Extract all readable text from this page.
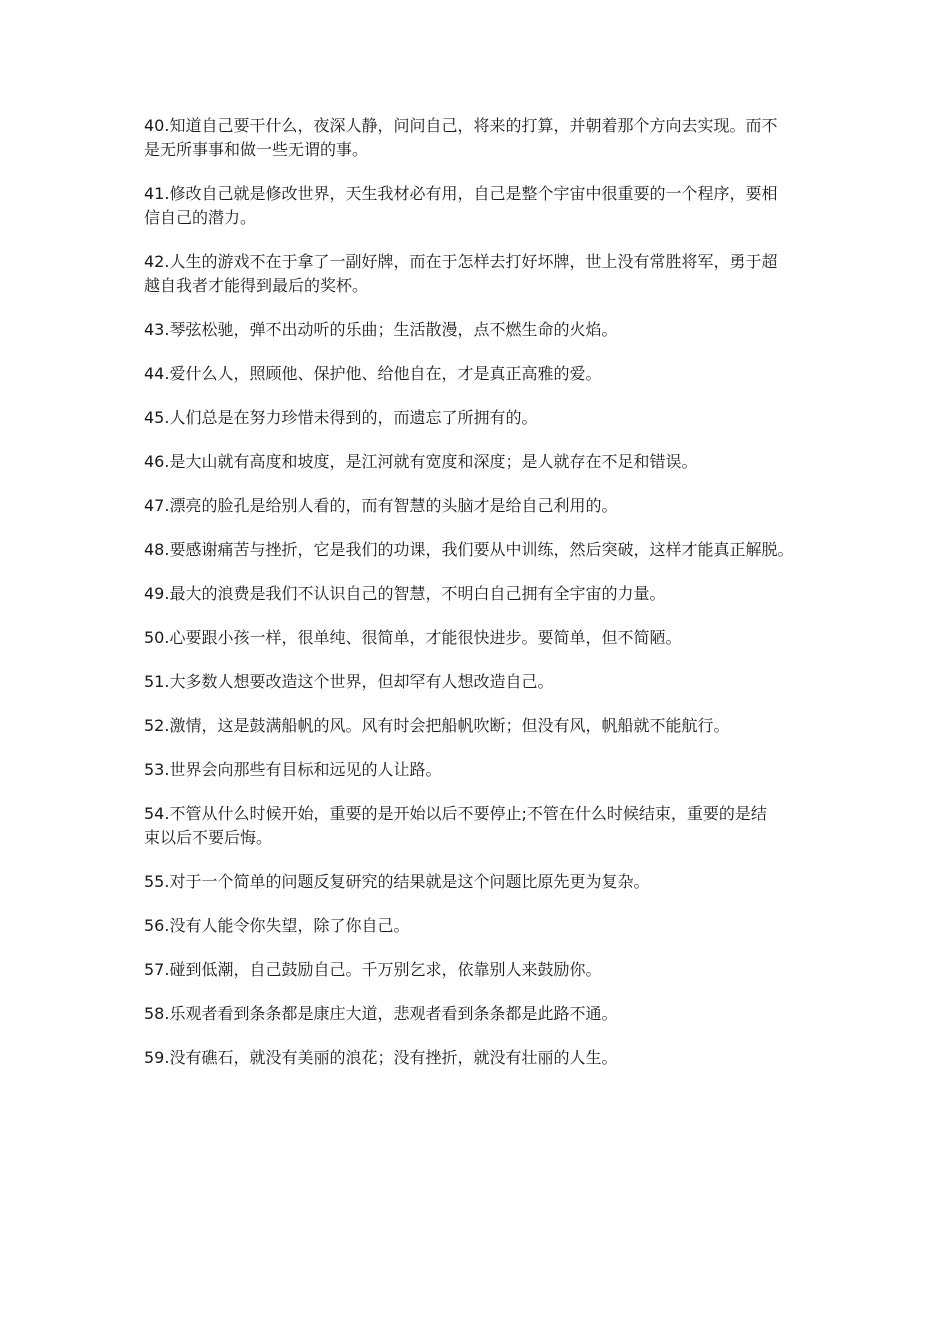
40.知道自己要干什么，夜深人静，问问自己，将来的打算，并朝着那个方向去实现。而不
是无所事事和做一些无谓的事。

41.修改自己就是修改世界，天生我材必有用，自己是整个宇宙中很重要的一个程序，要相
信自己的潜力。

42.人生的游戏不在于拿了一副好牌，而在于怎样去打好坏牌，世上没有常胜将军，勇于超
越自我者才能得到最后的奖杯。

43.琴弦松驰，弹不出动听的乐曲；生活散漫，点不燃生命的火焰。

44.爱什么人，照顾他、保护他、给他自在，才是真正高雅的爱。

45.人们总是在努力珍惜未得到的，而遗忘了所拥有的。

46.是大山就有高度和坡度，是江河就有宽度和深度；是人就存在不足和错误。

47.漂亮的脸孔是给别人看的，而有智慧的头脑才是给自己利用的。

48.要感谢痛苦与挫折，它是我们的功课，我们要从中训练，然后突破，这样才能真正解脱。

49.最大的浪费是我们不认识自己的智慧，不明白自己拥有全宇宙的力量。

50.心要跟小孩一样，很单纯、很简单，才能很快进步。要简单，但不简陋。

51.大多数人想要改造这个世界，但却罕有人想改造自己。

52.激情，这是鼓满船帆的风。风有时会把船帆吹断；但没有风，帆船就不能航行。

53.世界会向那些有目标和远见的人让路。

54.不管从什么时候开始，重要的是开始以后不要停止;不管在什么时候结束，重要的是结
束以后不要后悔。

55.对于一个简单的问题反复研究的结果就是这个问题比原先更为复杂。

56.没有人能令你失望，除了你自己。

57.碰到低潮，自己鼓励自己。千万别乞求，依靠别人来鼓励你。

58.乐观者看到条条都是康庄大道，悲观者看到条条都是此路不通。

59.没有礁石，就没有美丽的浪花；没有挫折，就没有壮丽的人生。
